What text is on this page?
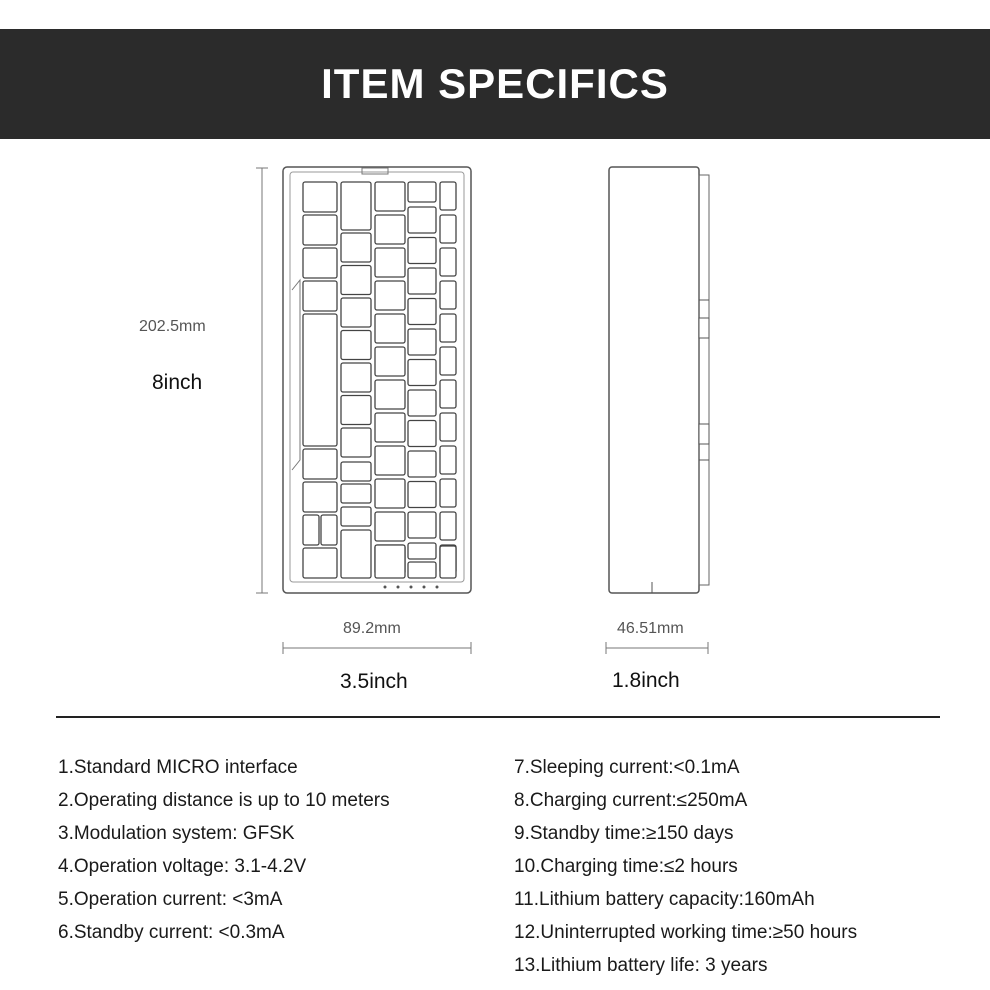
ITEM SPECIFICS
202.5mm
8inch
89.2mm
3.5inch
46.51mm
1.8inch
1.Standard MICRO interface
2.Operating distance is up to 10 meters
3.Modulation system: GFSK
4.Operation voltage: 3.1-4.2V
5.Operation current: <3mA
6.Standby current: <0.3mA
7.Sleeping current:<0.1mA
8.Charging current:≤250mA
9.Standby time:≥150 days
10.Charging time:≤2 hours
11.Lithium battery capacity:160mAh
12.Uninterrupted working time:≥50 hours
13.Lithium battery life: 3 years
